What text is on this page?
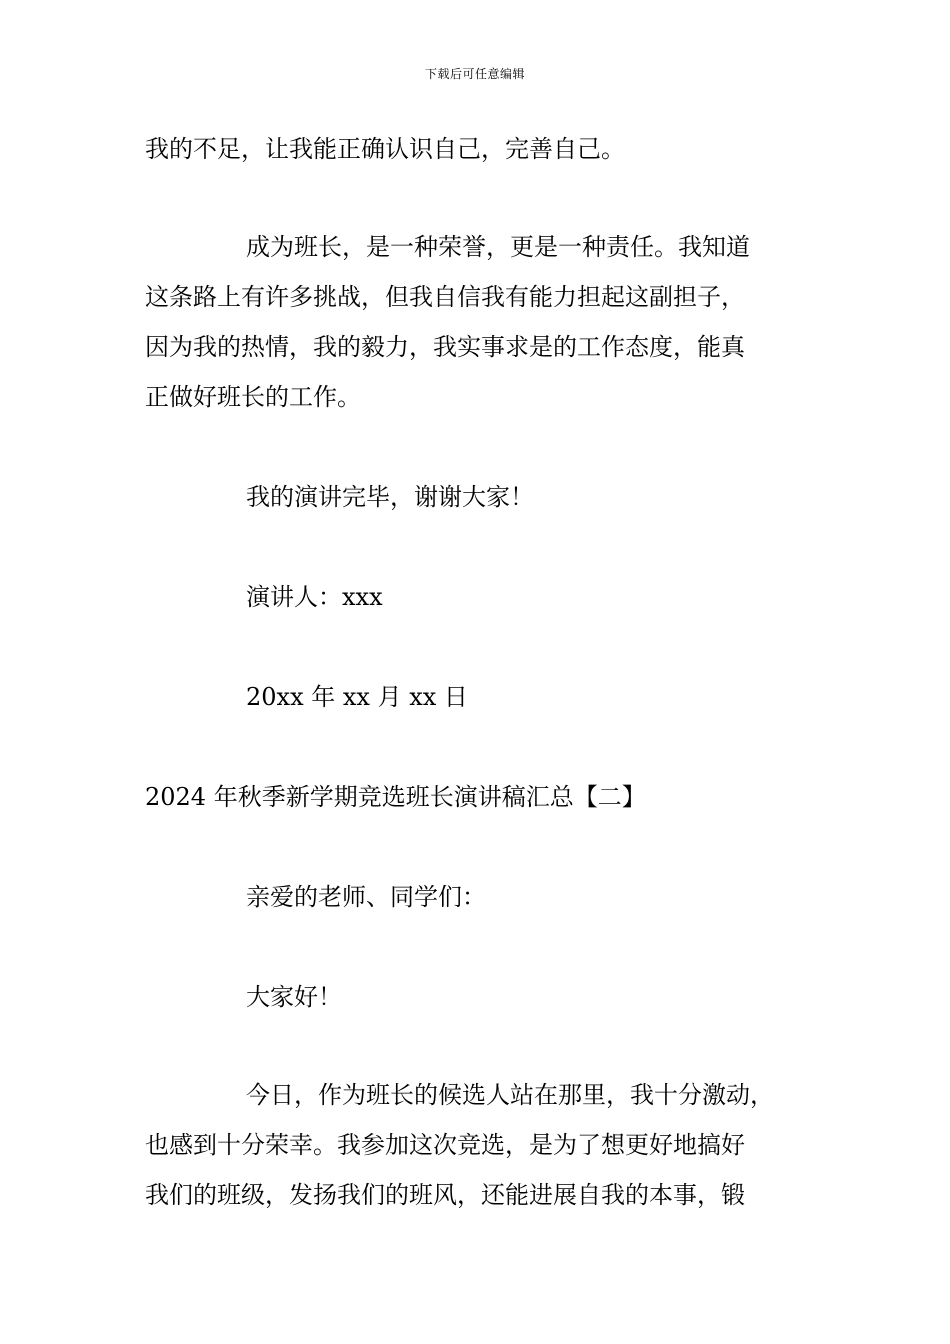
下载后可任意编辑
我的不足，让我能正确认识自己，完善自己。
成为班长，是一种荣誉，更是一种责任。我知道
这条路上有许多挑战，但我自信我有能力担起这副担子，
因为我的热情，我的毅力，我实事求是的工作态度，能真
正做好班长的工作。
我的演讲完毕，谢谢大家！
演讲人：xxx
20xx 年 xx 月 xx 日
2024 年秋季新学期竞选班长演讲稿汇总【二】
亲爱的老师、同学们：
大家好！
今日，作为班长的候选人站在那里，我十分激动，
也感到十分荣幸。我参加这次竞选，是为了想更好地搞好
我们的班级，发扬我们的班风，还能进展自我的本事，锻
